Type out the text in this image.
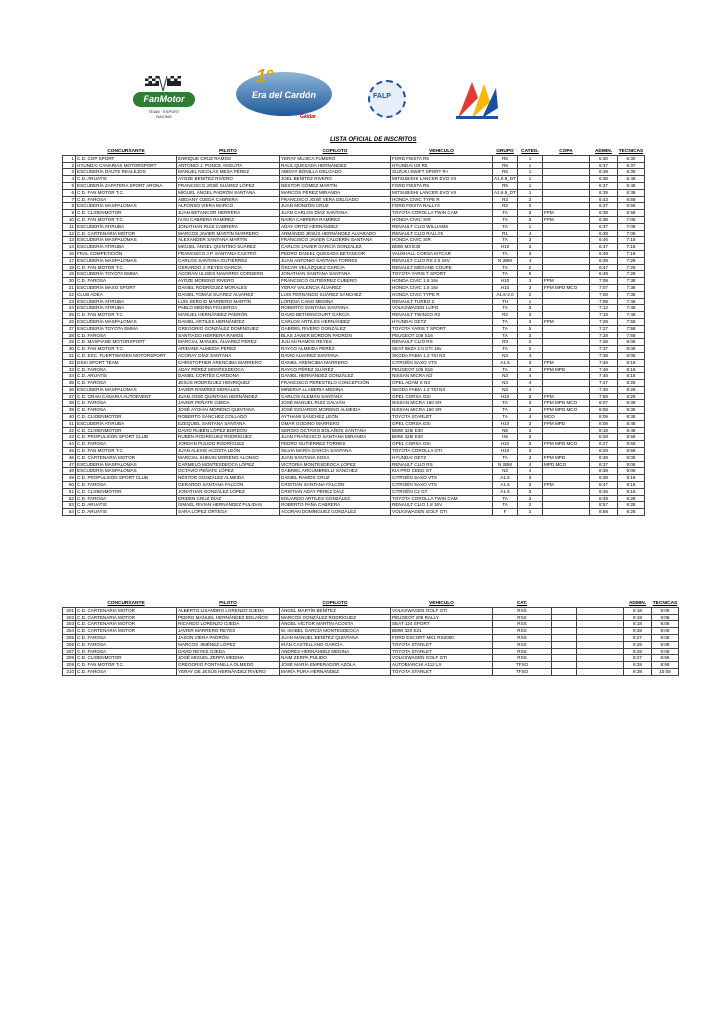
FanMotor
TEAM · ESPORT RACING
1º
Era del Cardón
Gáldar
FALP
LISTA OFICIAL DE INSCRITOS
	CONCURSANTE	PILOTO	COPILOTO	VEHÍCULO	GRUPO	CATEG.	COPA	ADMIN.	TÉCNICAS
1	C.D. COP SPORT	ENRIQUE CRUZ RAMOS	YERAY MUJICA FUMERO	FORD FIESTA R5	R5	1		6:30	6:30
2	HYUNDAI CANARIAS MOTORSPORT	ANTONIO J. PONCE ANGUITA	RAÚL QUESADA HERNÁNDEZ	HYUNDAI I20 R5	R5	1		6:37	6:37
3	ESCUDERÍA DAUTE REALEJOS	MANUEL NICOLÁS MESA PÉREZ	ABIDAY BONILLA DELGADO	SUZUKI SWIFT SPORT R+	R5	1		6:39	6:39
4	C.D. ARUATIS	AYOZE BENÍTEZ RIVERO	JOEL BENÍTEZ RIVERO	MITSUBISHI LANCER EVO VII	A1.6.9_DT	1		6:38	6:48
5	ESCUDERÍA ZAPATERA SPORT ARONA	FRANCISCO JOSÉ SUÁREZ LÓPEZ	NÉSTOR GÓMEZ MARTÍN	FORD FIESTA R5	R5	1		6:37	6:48
6	C.D. FAN MOTOR T.C.	MIGUEL ÁNGEL PADRÓN SANTANA	MARCOS PÉREZ MIRANDA	MITSUBISHI LANCER EVO VII	A1.6.9_DT	1		6:39	6:38
7	C.D. FAROSA	ABIDANY OJEDA CABRERA	FRANCISCO JOSÉ VERA DELGADO	HONDA CIVIC TYPE R	R3	2		6:43	6:58
8	ESCUDERÍA MASPALOMAS	ALFONSO VIERA MARCO	JUAN MONZÓN CRUZ	FORD FIESTA RALLY4	R2	3		6:37	6:58
9	C.D. CLIOENMOTOR	JUAN BETANCOR HERRERA	JUAN CARLOS DÍAZ SANTANA	TOYOTA COROLLA TWIN CAM	TA	3	FPM	6:38	6:58
10	C.D. FAN MOTOR T.C.	IVÁN CABRERA RAMÍREZ	NAIRA CABRERA RAMÍREZ	HONDA CIVIC SIR	TA	3	FPM	6:38	7:08
11	ESCUDERÍA ATIRUBA	JONATHAN RUIZ CABRERA	ADAY ORTIZ HERNÁNDEZ	RENAULT CLIO WILLIAMS	TA	1		6:37	7:08
12	C.D. CARTENARIA MOTOR	MARCOS JAVIER MARTÍN MARRERO	ARMANDO JESÚS HERNÁNDEZ ALVARADO	RENAULT CLIO RALLY5	R1	4		6:38	7:08
13	ESCUDERÍA MASPALOMAS	ALEXANDER SANTANA MARTÍN	FRANCISCO JAVIER CALDERÍN SANTANA	HONDA CIVIC SIR	TA	3		6:46	7:18
14	ESCUDERÍA ATIRUBA	MIGUEL ÁNGEL QUINTINO SUÁREZ	CARLOS JAVIER GARCÍA GONZÁLEZ	BMW M3 E30	H10	3		6:47	7:18
16	FRAL COMPETICIÓN	FRANCISCO J.P. SANTANA CASTRO	PEDRO DANIEL QUESADA BETANCOR	VAUXHALL CORSA KITCAR	TA	3		6:49	7:18
17	ESCUDERÍA MASPALOMAS	CARLOS SANTANA GUTIÉRREZ	JUAN ANTONIO SANTANA TORRES	RENAULT CLIO RS 2.0 16V	N 2BM	4		6:39	7:28
18	C.D. FAN MOTOR T.C.	GERARDO J. REYES GARCÍA	ÓSCAR VELÁZQUEZ GARCÍA	RENAULT MÉGANE COUPE	TA	2		6:47	7:28
19	ESCUDERÍA TOYOTA EMMA	ACORÁN ULISES NAVARRO CORDERO	JONATHAN SANTANA SANTANA	TOYOTA YARIS T SPORT	TA	5		6:49	7:28
20	C.D. FAROSA	AYOZE MORENO RIVERO	FRANCISCO GUTIÉRREZ CUBERO	HONDA CIVIC 1.6 16v	H10	3	FPM	7:08	7:38
21	ESCUDERÍA MAXO SPORT	DANIEL RODRÍGUEZ MORALES	YERAY VALENCIA ÁLVAREZ	HONDA CIVIC 1.6 16v	H10	3	FPM MPD MCO	7:07	7:38
22	CLUB ADEA	DANIEL TOMÁS SUÁREZ ÁLVAREZ	LUIS FERNANDO SUÁREZ SÁNCHEZ	HONDA CIVIC TYPE R	A1.6-2.0	2		7:08	7:38
23	ESCUDERÍA ATIRUBA	LUIS SERGIO MARRERO MARTÍN	LORENA CANO MEDINA	RENAULT TURBO 2	TH	1		7:09	7:48
24	ESCUDERÍA ATIRUBA	PABLO MEDINA FIGUEROA	ROBERTO SANTANA SANTANA	VOLKSWAGEN LUPO	TA	3		7:12	7:48
25	C.D. FAN MOTOR T.C.	MANUEL HERNÁNDEZ PADRÓN	DAVID BETHENCOURT GARCÍA	RENAULT TWINGO R2	R2	3		7:18	7:48
26	ESCUDERÍA MASPALOMAS	DANIEL ARTILES HERNÁNDEZ	CARLOS ARTILES HERNÁNDEZ	HYUNDAI GETZ	TA	3	FPM	7:28	7:58
27	ESCUDERÍA TOYOTA EMMA	GREGORIO GONZÁLEZ DOMÍNGUEZ	GABRIEL RIVERO GONZÁLEZ	TOYOTA YARIS T SPORT	TA	5		7:27	7:58
28	C.D. FAROSA	SANTIAGO HERRERA RAMOS	BLAS JAVIER BORDÓN PADRÓN	PEUGEOT 106 S16	TA	3		7:28	7:58
29	C.D. MASPIANE MOTORSPORT	MARCIAL MANUEL ÁLVAREZ PÉREZ	JULIAN RAMOS REYES	RENAULT CLIO RS	R3	2		7:38	8:08
30	C.D. FAN MOTOR T.C.	ARIDANE ALMEIDA PÉREZ	RAYCO ALMEIDA PÉREZ	SEAT IBIZA 2.0 GTI 16v	TA	2		7:37	8:08
31	C.D. ESC. FUERTWAGEN MOTORSPORT	ACORAY DÍAZ SANTANA	DAVID ALVAREZ SANTANA	SKODA FABIA 1.2 TSI N3	N3	4		7:38	8:08
32	DSSI SPORT TEAM	CHRISTOPHER ARENCIBIA MARRERO	DANIEL ARENCIBIA MARRERO	CITROËN SAXO VTS	A1.6	3	FPM	7:48	8:18
33	C.D. FAROSA	ADAY PÉREZ MONTESDEOCA	RAYCO PÉREZ SUÁREZ	PEUGEOT 106 S16	TA	3	FPM MPD	7:49	8:18
34	C.D. ARUATIS	DANIEL CORTÉS CARDONA	DANIEL HERNÁNDEZ GONZÁLEZ	NISSAN MICRA N3	N3	4		7:48	8:18
35	C.D. FAROSA	JESÚS RODRÍGUEZ HENRÍQUEZ	FRANCISCO PERESTELO CONCEPCIÓN	OPEL ADAM S N3	N3	4		7:47	8:28
36	ESCUDERÍA MASPALOMAS	JAVIER RAMÍREZ MORALES	MINERVA LLABERIA MEDINA	SKODA FABIA 1.2 TSI N3	N3	4		7:48	8:28
37	C.D. GRAN CANARIA AUTOEVENT	JUAN JOSÉ QUINTANA HERNÁNDEZ	CARLOS ALEMÁN SANTANA	OPEL CORSA GSI	H10	3	FPM	7:58	8:28
38	C.D. FAROSA	JAVIER PEÑATE OJEDA	JOSÉ MANUEL RUIZ GALVÁN	NISSAN MICRA 160 SR	TA	3	FPM MPD MCO	8:07	8:38
39	C.D. FAROSA	JOSÉ AYOHAI MORENO QUINTANA	JOSÉ EDUARDO MORENO ALMEIDA	NISSAN MICRA 160 SR	TA	3	FPM MPD MCO	8:08	8:38
40	C.D. CLIOENMOTOR	ROBERTO SÁNCHEZ COLLADO	AYTHAMI SÁNCHEZ LEÓN	TOYOTA STARLET	TA	4	MCO	8:09	8:38
41	ESCUDERÍA ATIRUBA	EZEQUIEL SANTANA SANTANA	OMAR GODINO MARRERO	OPEL CORSA GSI	H10	3	FPM MPD	8:08	8:48
42	C.D. CLIOENMOTOR	DAVID RUBÉN LÓPEZ BORDÓN	SERGIO OCTAVIO BOLAÑOS SANTANA	BMW 325I E30	N5	3		8:18	8:48
43	C.D. PROPULSIÓN SPORT CLUB	RUBÉN RODRÍGUEZ RODRÍGUEZ	JUAN FRANCISCO SANTANA MIRANDA	BMW 325I E30	H5	3		8:28	8:58
44	C.D. FAROSA	JORDAN PULIDO RODRÍGUEZ	PEDRO GUTIÉRREZ TORRES	OPEL CORSA GSI	H10	3	FPM MPD MCO	8:27	8:58
45	C.D. FAN MOTOR T.C.	JUAN ALEXIS ACOSTA LEÓN	SILVIA MARÍA GARCÍA SANTANA	TOYOTA COROLLA GTI	H10	3		8:28	8:58
46	C.D. CARTENARIA MOTOR	MARCIAL SHEIAN MORENO ALONSO	JUAN SANTANA SOSA	HYUNDAI GETZ	TA	3	FPM MPD	8:38	9:08
47	ESCUDERÍA MASPALOMAS	CARMELO MONTESDEOCA LÓPEZ	VICTORIA MONTESDEOCA LÓPEZ	RENAULT CLIO RS	N 2BM	4	MPD MCO	8:37	9:08
48	ESCUDERÍA MASPALOMAS	OCTAVIO PEÑATE LÓPEZ	GABRIEL ARCUMBRELLI SÁNCHEZ	KIA PRO CEED GT	N3	4		8:38	9:08
49	C.D. PROPULSIÓN SPORT CLUB	NÉSTOR GONZÁLEZ ALMEIDA	DANIEL RAMOS CRUZ	CITROËN SAXO VTS	A1.6	3		8:39	9:18
50	C.D. FAROSA	GERARDO SANTANA FALCÓN	CRISTIAN SANTANA FALCÓN	CITROËN SAXO VTS	A1.6	3	FPM	8:47	9:18
51	C.D. CLIOENMOTOR	JONATHAN GONZÁLEZ LÓPEZ	CRISTIAN ADAY PÉREZ DÍAZ	CITROËN C2 GT	A1.6	3		8:48	9:18
52	C.D. FAROSA	ERIDEN CRUZ DÍAZ	EDUARDO ARTILES GONZÁLEZ	TOYOTA COROLLA TWIN CAM	TA	3		8:49	9:28
53	C.D. ARUATIS	ISMAEL RIVIAN HERNÁNDEZ PULIDAS	ROBERTO PAÑA CABRERA	RENAULT CLIO 1.8 16V	TA	2		8:57	9:28
54	C.D. ARUATIS	SARA LÓPEZ ORTEGA	ACORÁN DOMÍNGUEZ GONZÁLEZ	VOLKSWAGEN GOLF GTI	F	2		8:58	9:28
	CONCURSANTE	PILOTO	COPILOTO	VEHÍCULO	CAT.			ADMIN.	TÉCNICAS
201	C.D. CARTENARIA MOTOR	ALBERTO LISANDRO LORENZO OJEDA	ÁNGEL MARTÍN BENÍTEZ	VOLKSWAGEN GOLF GTI	RSS			8:18	9:08
202	C.D. CARTENARIA MOTOR	PEDRO MANUEL HERNÁNDEZ BOLAÑOS	MARCOS GONZÁLEZ RODRÍGUEZ	PEUGEOT 205 RALLY	RSS			8:19	9:08
203	C.D. CARTENARIA MOTOR	RICARDO LORENZO OJEDA	ÁNGEL VÍCTOR MARTÍN ACOSTA	SEAT 124 SPORT	RSS			8:18	9:08
204	C.D. CARTENARIA MOTOR	JAVIER MARRERO REYES	M. ISABEL GARCÍA MONTESDEOCA	BMW 320 E21	RSS			8:28	9:08
205	C.D. FAROSA	JASON VIERA PADRÓN	JUAN MANUEL BENÍTEZ QUINTANA	FORD ESCORT MK1 RS2000	RSS			8:27	9:08
206	C.D. FAROSA	MARCOS JIMÉNEZ LÓPEZ	IRÁN CASTELLANO GARCÍA	TOYOTA STARLET	RSS			8:28	9:08
207	C.D. FAROSA	DAVID REYES OJEDA	ANDRÉS HERNÁNDEZ MEDINA	TOYOTA STARLET	RSS			8:28	9:08
208	C.D. CLIOENMOTOR	JOSÉ MIGUEL ZERPA MEDINA	NAIM ZERPA PULIDO	VOLKSWAGEN GOLF GTI	RSS			8:27	8:58
209	C.D. FAN MOTOR T.C.	GREGORIO FONTANILLA OLMEDO	JOSÉ MARÍA EMPERADOR AZOLA	AUTOBIANCHI A112 LX	TFSO			8:28	8:58
210	C.D. FAROSA	YERAY DE JESÚS HERNÁNDEZ RIVERO	MARÍA PURA HERNÁNDEZ	TOYOTA STARLET	TFSO			8:38	10:08
